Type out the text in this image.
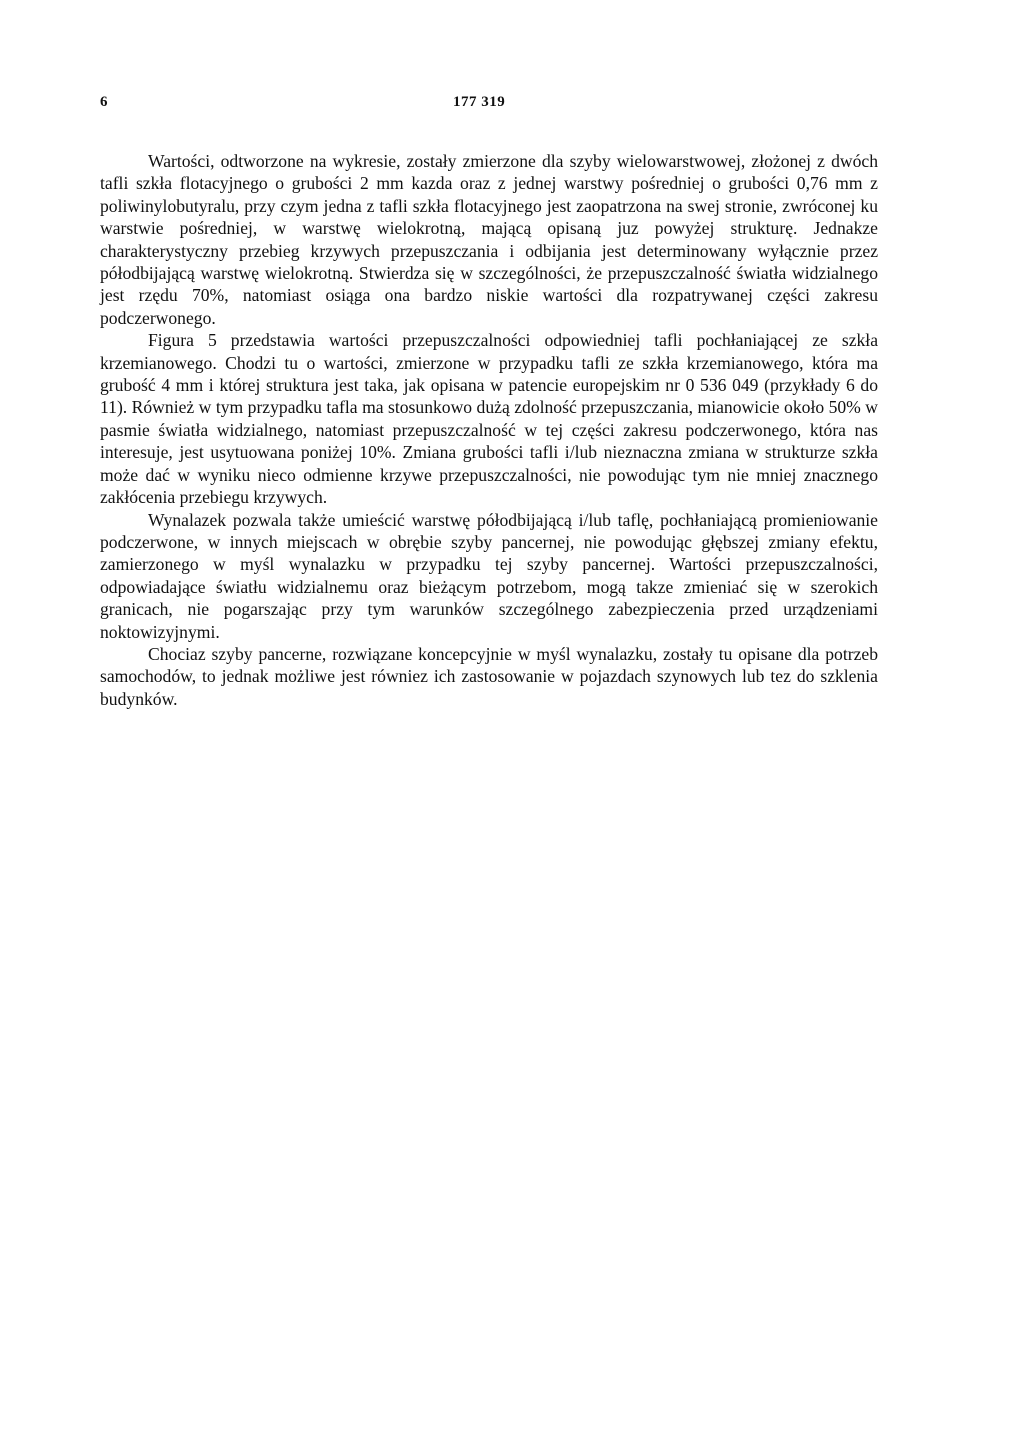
6	177 319

Wartości, odtworzone na wykresie, zostały zmierzone dla szyby wielowarstwowej, złożonej z dwóch tafli szkła flotacyjnego o grubości 2 mm kazda oraz z jednej warstwy pośredniej o grubości 0,76 mm z poliwinylobutyralu, przy czym jedna z tafli szkła flotacyjnego jest zaopatrzona na swej stronie, zwróconej ku warstwie pośredniej, w warstwę wielokrotną, mającą opisaną juz powyżej strukturę. Jednakze charakterystyczny przebieg krzywych przepuszczania i odbijania jest determinowany wyłącznie przez półodbijającą warstwę wielokrotną. Stwierdza się w szczególności, że przepuszczalność światła widzialnego jest rzędu 70%, natomiast osiąga ona bardzo niskie wartości dla rozpatrywanej części zakresu podczerwonego.

Figura 5 przedstawia wartości przepuszczalności odpowiedniej tafli pochłaniającej ze szkła krzemianowego. Chodzi tu o wartości, zmierzone w przypadku tafli ze szkła krzemianowego, która ma grubość 4 mm i której struktura jest taka, jak opisana w patencie europejskim nr 0 536 049 (przykłady 6 do 11). Również w tym przypadku tafla ma stosunkowo dużą zdolność przepuszczania, mianowicie około 50% w pasmie światła widzialnego, natomiast przepuszczalność w tej części zakresu podczerwonego, która nas interesuje, jest usytuowana poniżej 10%. Zmiana grubości tafli i/lub nieznaczna zmiana w strukturze szkła może dać w wyniku nieco odmienne krzywe przepuszczalności, nie powodując tym nie mniej znacznego zakłócenia przebiegu krzywych.

Wynalazek pozwala także umieścić warstwę półodbijającą i/lub taflę, pochłaniającą promieniowanie podczerwone, w innych miejscach w obrębie szyby pancernej, nie powodując głębszej zmiany efektu, zamierzonego w myśl wynalazku w przypadku tej szyby pancernej. Wartości przepuszczalności, odpowiadające światłu widzialnemu oraz bieżącym potrzebom, mogą takze zmieniać się w szerokich granicach, nie pogarszając przy tym warunków szczególnego zabezpieczenia przed urządzeniami noktowizyjnymi.

Chociaz szyby pancerne, rozwiązane koncepcyjnie w myśl wynalazku, zostały tu opisane dla potrzeb samochodów, to jednak możliwe jest równiez ich zastosowanie w pojazdach szynowych lub tez do szklenia budynków.
